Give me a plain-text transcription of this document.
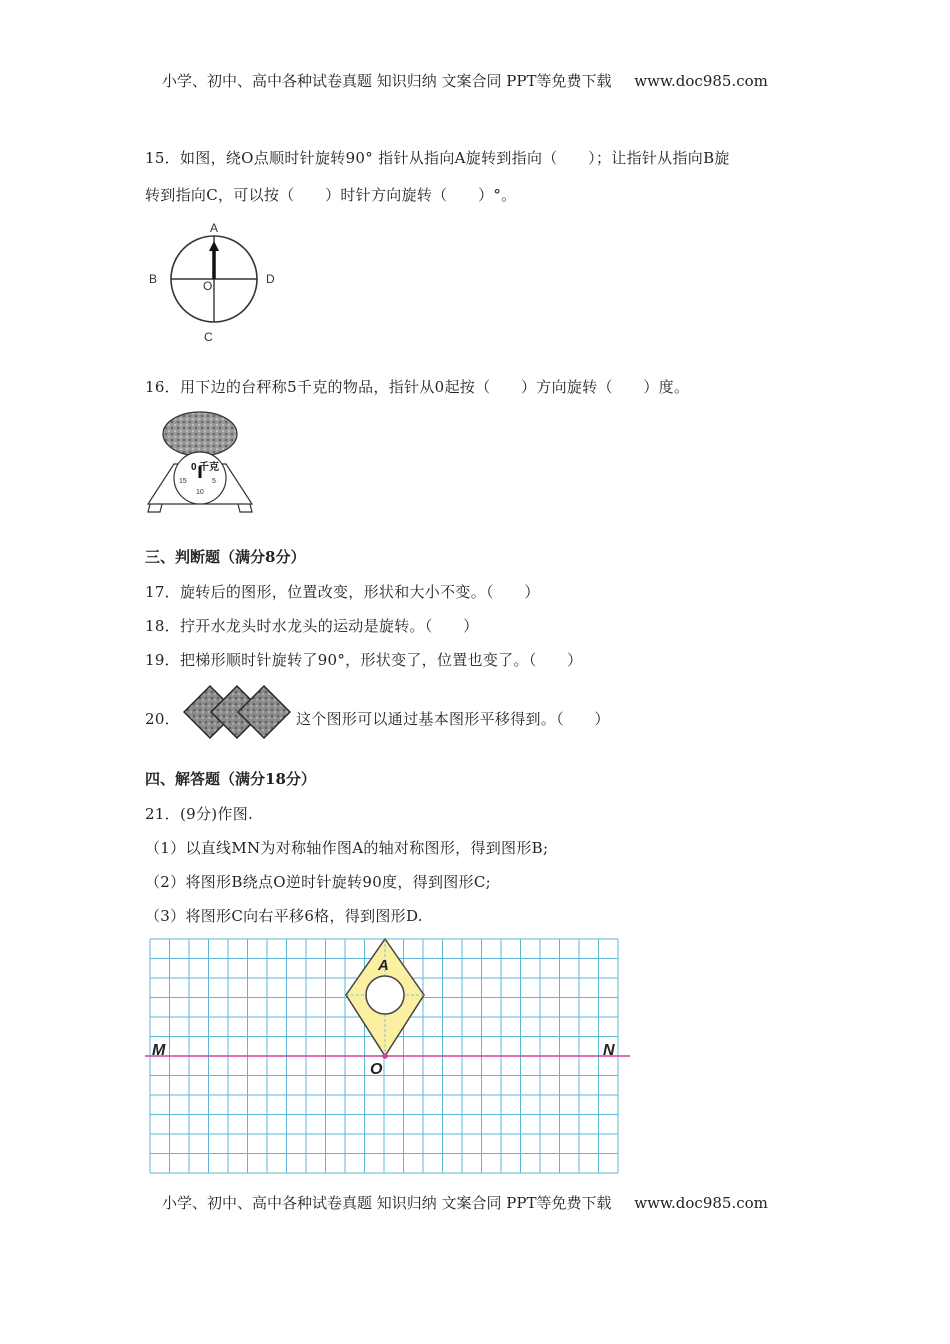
小学、初中、高中各种试卷真题 知识归纳 文案合同 PPT等免费下载 www.doc985.com
15．如图，绕O点顺时针旋转90° 指针从指向A旋转到指向（　　）；让指针从指向B旋
转到指向C，可以按（　　）时针方向旋转（　　）°。
A
B
C
D
O
16．用下边的台秤称5千克的物品，指针从0起按（　　）方向旋转（　　）度。
0 千克
15	5
10
三、判断题（满分8分）
17．旋转后的图形，位置改变，形状和大小不变。（　　）
18．拧开水龙头时水龙头的运动是旋转。（　　）
19．把梯形顺时针旋转了90°，形状变了，位置也变了。（　　）
20．	这个图形可以通过基本图形平移得到。（　　）
四、解答题（满分18分）
21．(9分)作图.
（1）以直线MN为对称轴作图A的轴对称图形，得到图形B;
（2）将图形B绕点O逆时针旋转90度，得到图形C;
（3）将图形C向右平移6格，得到图形D.
A
M	N
O
小学、初中、高中各种试卷真题 知识归纳 文案合同 PPT等免费下载 www.doc985.com
